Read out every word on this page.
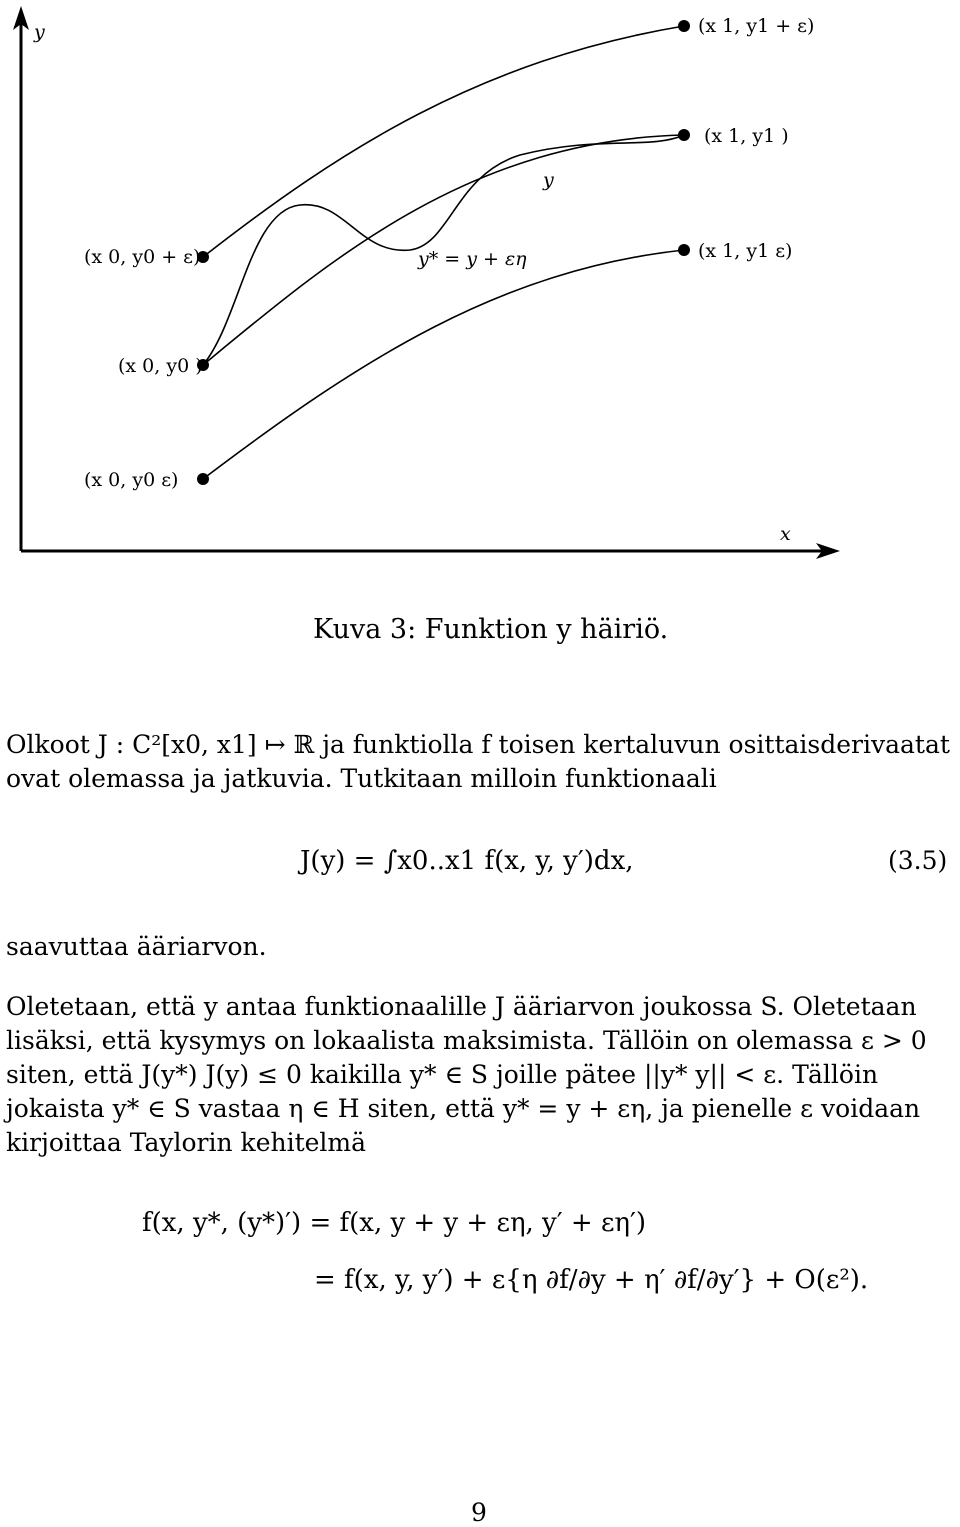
y
x
(x 0, y0 + ε)
(x 0, y0 )
(x 0, y0 ε)
(x 1, y1 + ε)
(x 1, y1 )
(x 1, y1 ε)
y
y* = y + εη
Kuva 3: Funktion y häiriö.
Olkoot J : C²[x0, x1] ↦ ℝ ja funktiolla f toisen kertaluvun osittaisderivaatat
ovat olemassa ja jatkuvia. Tutkitaan milloin funktionaali
J(y) = ∫x0..x1 f(x, y, y′)dx,	(3.5)
saavuttaa ääriarvon.
Oletetaan, että y antaa funktionaalille J ääriarvon joukossa S. Oletetaan
lisäksi, että kysymys on lokaalista maksimista. Tällöin on olemassa ε > 0
siten, että J(y*) J(y) ≤ 0 kaikilla y* ∈ S joille pätee ||y* y|| < ε. Tällöin
jokaista y* ∈ S vastaa η ∈ H siten, että y* = y + εη, ja pienelle ε voidaan
kirjoittaa Taylorin kehitelmä
f(x, y*, (y*)′) = f(x, y + y + εη, y′ + εη′)
= f(x, y, y′) + ε{η ∂f/∂y + η′ ∂f/∂y′} + O(ε²).
9
